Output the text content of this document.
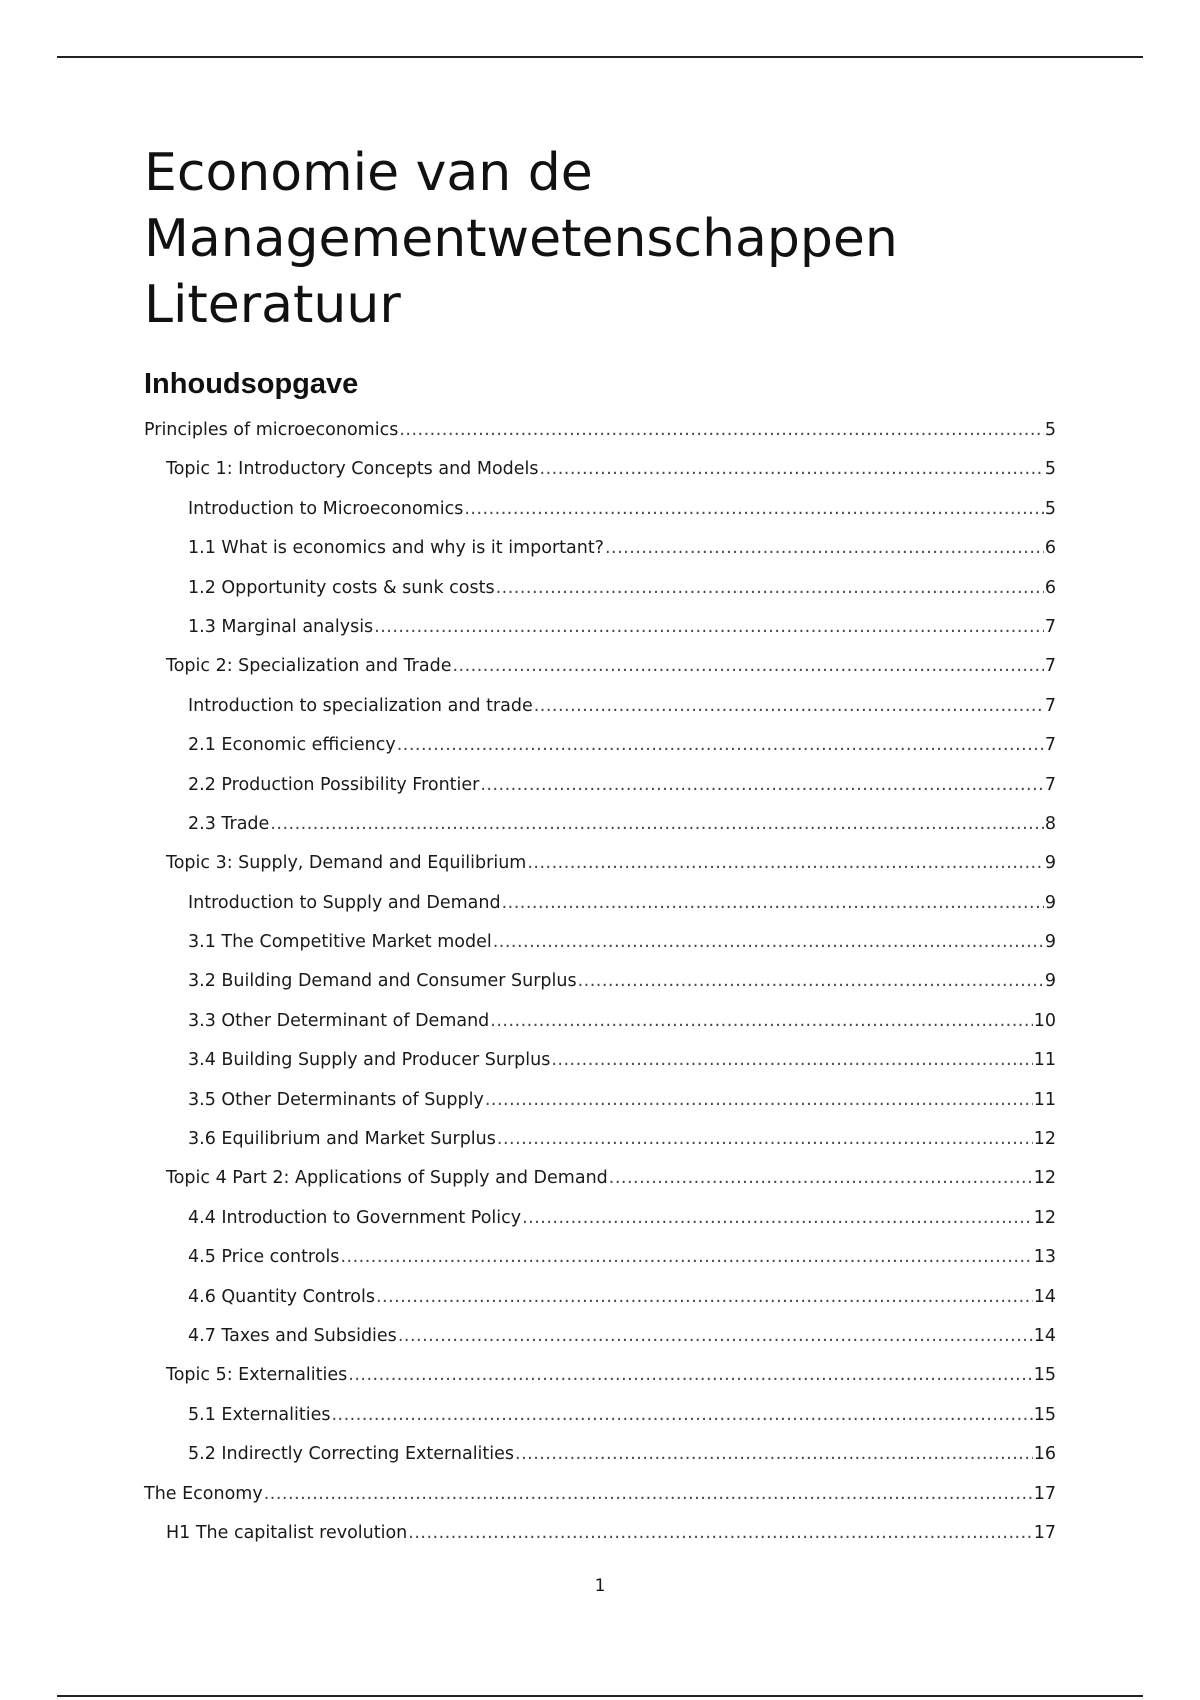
Economie van de
Managementwetenschappen
Literatuur
Inhoudsopgave
Principles of microeconomics .....	5
Topic 1: Introductory Concepts and Models .....	5
Introduction to Microeconomics .....	5
1.1 What is economics and why is it important? .....	6
1.2 Opportunity costs & sunk costs .....	6
1.3 Marginal analysis .....	7
Topic 2: Specialization and Trade .....	7
Introduction to specialization and trade .....	7
2.1 Economic efficiency .....	7
2.2 Production Possibility Frontier .....	7
2.3 Trade .....	8
Topic 3: Supply, Demand and Equilibrium .....	9
Introduction to Supply and Demand .....	9
3.1 The Competitive Market model .....	9
3.2 Building Demand and Consumer Surplus .....	9
3.3 Other Determinant of Demand .....	10
3.4 Building Supply and Producer Surplus .....	11
3.5 Other Determinants of Supply .....	11
3.6 Equilibrium and Market Surplus .....	12
Topic 4 Part 2: Applications of Supply and Demand .....	12
4.4 Introduction to Government Policy .....	12
4.5 Price controls .....	13
4.6 Quantity Controls .....	14
4.7 Taxes and Subsidies .....	14
Topic 5: Externalities .....	15
5.1 Externalities .....	15
5.2 Indirectly Correcting Externalities .....	16
The Economy .....	17
H1 The capitalist revolution .....	17
1
